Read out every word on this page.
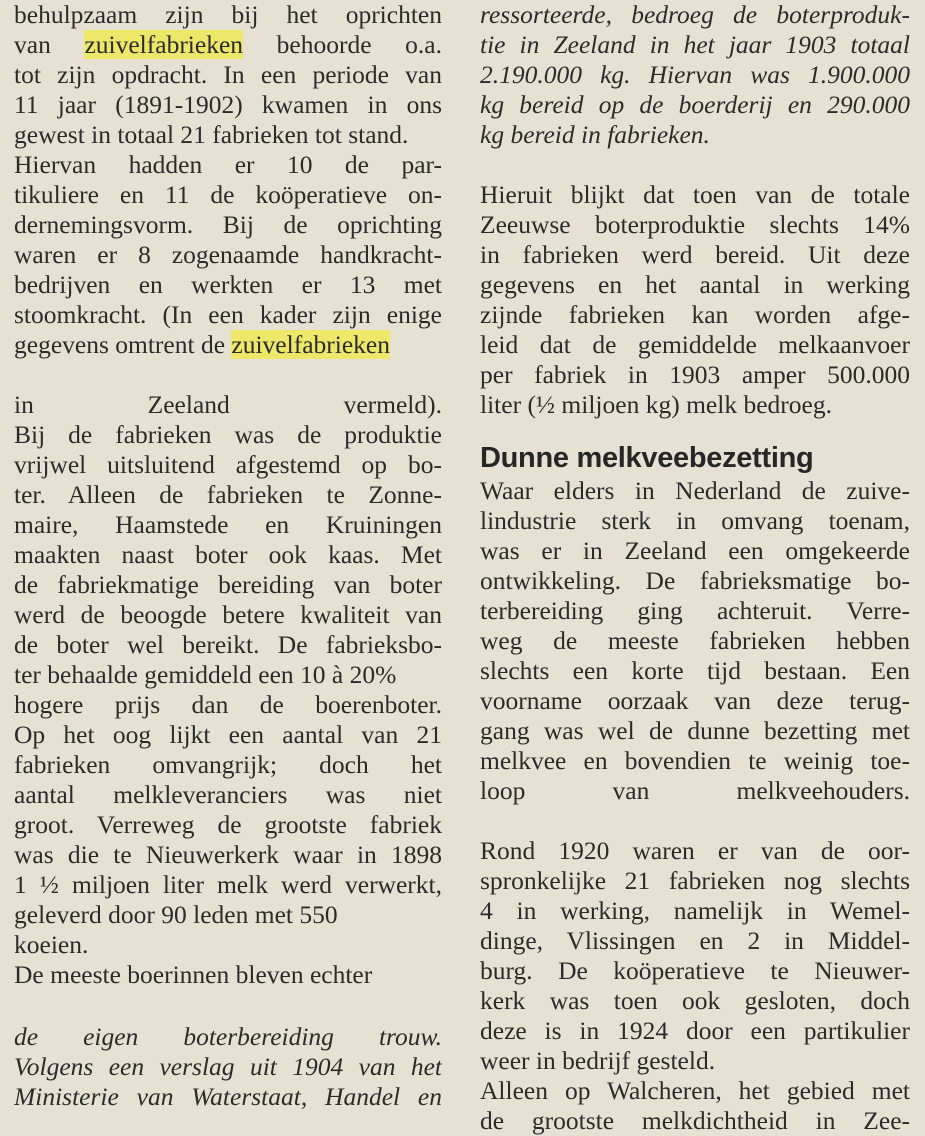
behulpzaam zijn bij het oprichten
van zuivelfabrieken behoorde o.a.
tot zijn opdracht. In een periode van
11 jaar (1891-1902) kwamen in ons
gewest in totaal 21 fabrieken tot stand.
Hiervan hadden er 10 de par-
tikuliere en 11 de koöperatieve on-
dernemingsvorm. Bij de oprichting
waren er 8 zogenaamde handkracht-
bedrijven en werkten er 13 met
stoomkracht. (In een kader zijn enige
gegevens omtrent de zuivelfabrieken
in Zeeland vermeld).
Bij de fabrieken was de produktie
vrijwel uitsluitend afgestemd op bo-
ter. Alleen de fabrieken te Zonne-
maire, Haamstede en Kruiningen
maakten naast boter ook kaas. Met
de fabriekmatige bereiding van boter
werd de beoogde betere kwaliteit van
de boter wel bereikt. De fabrieksbo-
ter behaalde gemiddeld een 10 à 20%
hogere prijs dan de boerenboter.
Op het oog lijkt een aantal van 21
fabrieken omvangrijk; doch het
aantal melkleveranciers was niet
groot. Verreweg de grootste fabriek
was die te Nieuwerkerk waar in 1898
1 ½ miljoen liter melk werd verwerkt,
geleverd door 90 leden met 550
koeien.
De meeste boerinnen bleven echter
de eigen boterbereiding trouw.
Volgens een verslag uit 1904 van het
Ministerie van Waterstaat, Handel en
ressorteerde, bedroeg de boterproduk-
tie in Zeeland in het jaar 1903 totaal
2.190.000 kg. Hiervan was 1.900.000
kg bereid op de boerderij en 290.000
kg bereid in fabrieken.
Hieruit blijkt dat toen van de totale
Zeeuwse boterproduktie slechts 14%
in fabrieken werd bereid. Uit deze
gegevens en het aantal in werking
zijnde fabrieken kan worden afge-
leid dat de gemiddelde melkaanvoer
per fabriek in 1903 amper 500.000
liter (½ miljoen kg) melk bedroeg.
Dunne melkveebezetting
Waar elders in Nederland de zuive-
lindustrie sterk in omvang toenam,
was er in Zeeland een omgekeerde
ontwikkeling. De fabrieksmatige bo-
terbereiding ging achteruit. Verre-
weg de meeste fabrieken hebben
slechts een korte tijd bestaan. Een
voorname oorzaak van deze terug-
gang was wel de dunne bezetting met
melkvee en bovendien te weinig toe-
loop van melkveehouders.
Rond 1920 waren er van de oor-
spronkelijke 21 fabrieken nog slechts
4 in werking, namelijk in Wemel-
dinge, Vlissingen en 2 in Middel-
burg. De koöperatieve te Nieuwer-
kerk was toen ook gesloten, doch
deze is in 1924 door een partikulier
weer in bedrijf gesteld.
Alleen op Walcheren, het gebied met
de grootste melkdichtheid in Zee-
